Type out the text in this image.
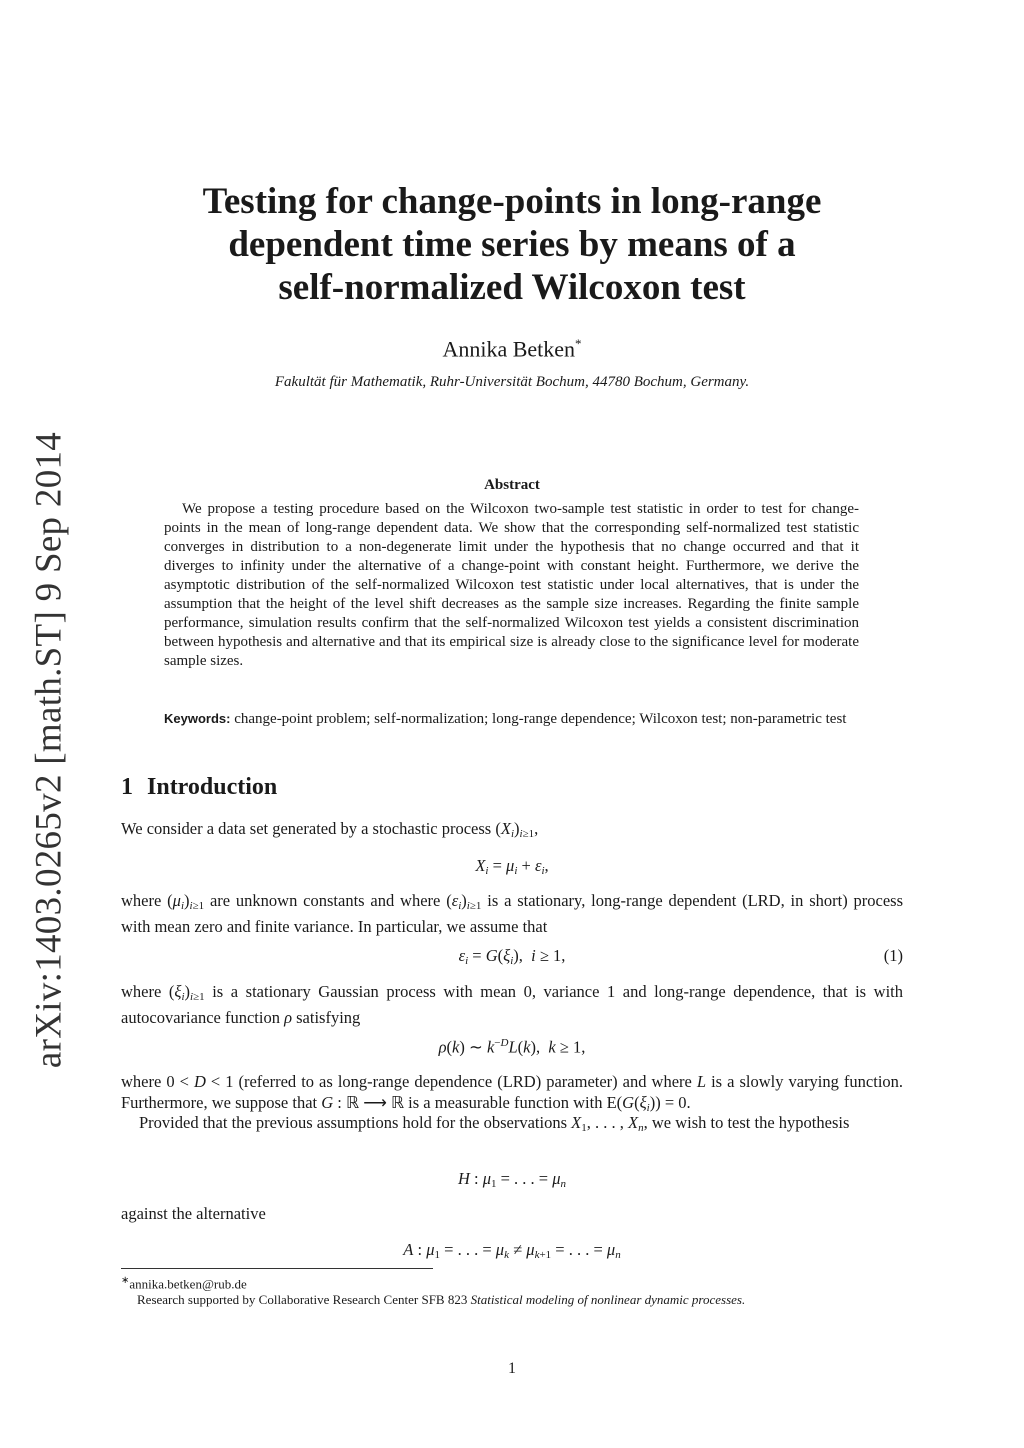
arXiv:1403.0265v2 [math.ST] 9 Sep 2014
Testing for change-points in long-range
dependent time series by means of a
self-normalized Wilcoxon test
Annika Betken*
Fakultät für Mathematik, Ruhr-Universität Bochum, 44780 Bochum, Germany.
Abstract
We propose a testing procedure based on the Wilcoxon two-sample test statistic in order to test for change-points in the mean of long-range dependent data. We show that the corresponding self-normalized test statistic converges in distribution to a non-degenerate limit under the hypothesis that no change occurred and that it diverges to infinity under the alternative of a change-point with constant height. Furthermore, we derive the asymptotic distribution of the self-normalized Wilcoxon test statistic under local alternatives, that is under the assumption that the height of the level shift decreases as the sample size increases. Regarding the finite sample performance, simulation results confirm that the self-normalized Wilcoxon test yields a consistent discrimination between hypothesis and alternative and that its empirical size is already close to the significance level for moderate sample sizes.
Keywords: change-point problem; self-normalization; long-range dependence; Wilcoxon test; non-parametric test
1 Introduction
We consider a data set generated by a stochastic process $(X_i)_{i\ge 1}$,
$X_i = \mu_i + \varepsilon_i$,
where $(\mu_i)_{i\ge 1}$ are unknown constants and where $(\varepsilon_i)_{i\ge 1}$ is a stationary, long-range dependent (LRD, in short) process with mean zero and finite variance. In particular, we assume that
$\varepsilon_i = G(\xi_i)$,  i ≥ 1,	(1)
where $(\xi_i)_{i\ge 1}$ is a stationary Gaussian process with mean 0, variance 1 and long-range dependence, that is with autocovariance function ρ satisfying
ρ(k) ∼ $k^{-D}L(k)$,  k ≥ 1,
where 0 < D < 1 (referred to as long-range dependence (LRD) parameter) and where L is a slowly varying function. Furthermore, we suppose that G : ℝ ⟶ ℝ is a measurable function with $E(G(\xi_i)) = 0$.
Provided that the previous assumptions hold for the observations $X_1$, . . . , $X_n$, we wish to test the hypothesis
H : $\mu_1$ = . . . = $\mu_n$
against the alternative
A : $\mu_1$ = . . . = $\mu_k \ne \mu_{k+1}$ = . . . = $\mu_n$
∗annika.betken@rub.de
Research supported by Collaborative Research Center SFB 823 Statistical modeling of nonlinear dynamic processes.
1
